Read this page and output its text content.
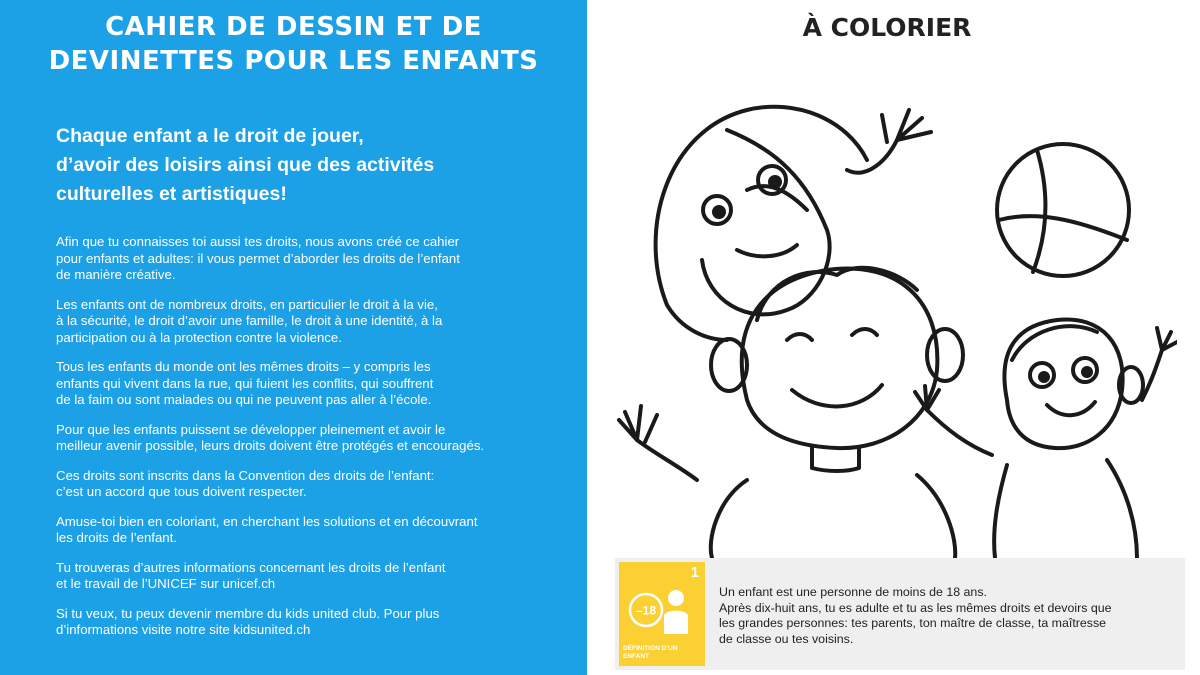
CAHIER DE DESSIN ET DE
DEVINETTES POUR LES ENFANTS
Chaque enfant a le droit de jouer,
d’avoir des loisirs ainsi que des activités
culturelles et artistiques!

Afin que tu connaisses toi aussi tes droits, nous avons créé ce cahier
pour enfants et adultes: il vous permet d’aborder les droits de l’enfant
de manière créative.

Les enfants ont de nombreux droits, en particulier le droit à la vie,
à la sécurité, le droit d’avoir une famille, le droit à une identité, à la
participation ou à la protection contre la violence.

Tous les enfants du monde ont les mêmes droits – y compris les
enfants qui vivent dans la rue, qui fuient les conflits, qui souffrent
de la faim ou sont malades ou qui ne peuvent pas aller à l’école.

Pour que les enfants puissent se développer pleinement et avoir le
meilleur avenir possible, leurs droits doivent être protégés et encouragés.

Ces droits sont inscrits dans la Convention des droits de l’enfant:
c’est un accord que tous doivent respecter.

Amuse-toi bien en coloriant, en cherchant les solutions et en découvrant
les droits de l’enfant.

Tu trouveras d’autres informations concernant les droits de l’enfant
et le travail de l’UNICEF sur unicef.ch

Si tu veux, tu peux devenir membre du kids united club. Pour plus
d’informations visite notre site kidsunited.ch

À COLORIER
1
–18
DÉFINITION D’UN
ENFANT
Un enfant est une personne de moins de 18 ans.
Après dix-huit ans, tu es adulte et tu as les mêmes droits et devoirs que
les grandes personnes: tes parents, ton maître de classe, ta maîtresse
de classe ou tes voisins.
